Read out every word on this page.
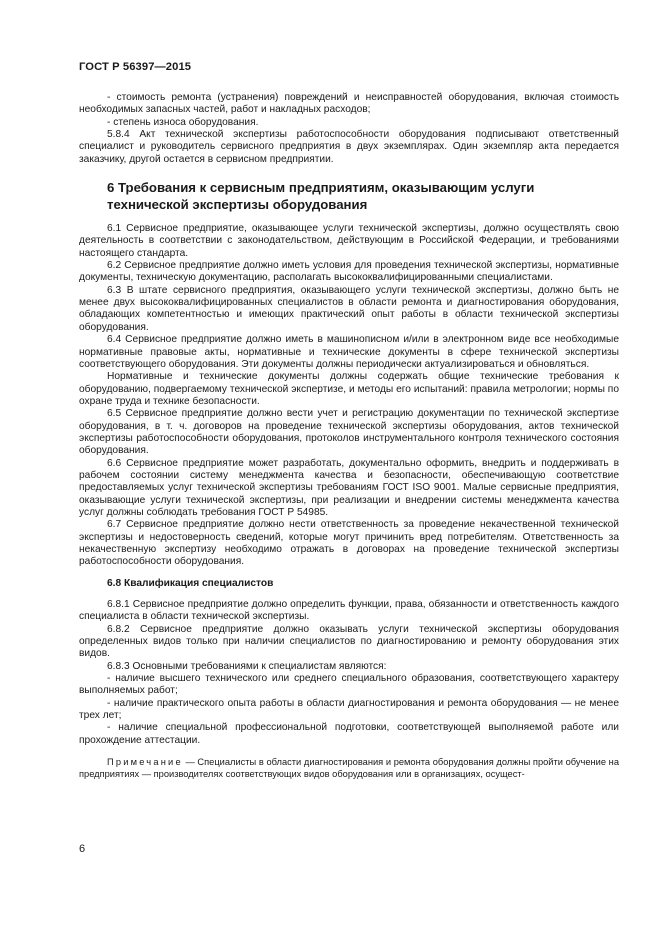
ГОСТ Р 56397—2015

- стоимость ремонта (устранения) повреждений и неисправностей оборудования, включая стоимость необходимых запасных частей, работ и накладных расходов;

- степень износа оборудования.

5.8.4 Акт технической экспертизы работоспособности оборудования подписывают ответственный специалист и руководитель сервисного предприятия в двух экземплярах. Один экземпляр акта передается заказчику, другой остается в сервисном предприятии.

6 Требования к сервисным предприятиям, оказывающим услуги технической экспертизы оборудования

6.1 Сервисное предприятие, оказывающее услуги технической экспертизы, должно осуществлять свою деятельность в соответствии с законодательством, действующим в Российской Федерации, и требованиями настоящего стандарта.

6.2 Сервисное предприятие должно иметь условия для проведения технической экспертизы, нормативные документы, техническую документацию, располагать высококвалифицированными специалистами.

6.3 В штате сервисного предприятия, оказывающего услуги технической экспертизы, должно быть не менее двух высококвалифицированных специалистов в области ремонта и диагностирования оборудования, обладающих компетентностью и имеющих практический опыт работы в области технической экспертизы оборудования.

6.4 Сервисное предприятие должно иметь в машинописном и/или в электронном виде все необходимые нормативные правовые акты, нормативные и технические документы в сфере технической экспертизы соответствующего оборудования. Эти документы должны периодически актуализироваться и обновляться.

Нормативные и технические документы должны содержать общие технические требования к оборудованию, подвергаемому технической экспертизе, и методы его испытаний: правила метрологии; нормы по охране труда и технике безопасности.

6.5 Сервисное предприятие должно вести учет и регистрацию документации по технической экспертизе оборудования, в т. ч. договоров на проведение технической экспертизы оборудования, актов технической экспертизы работоспособности оборудования, протоколов инструментального контроля технического состояния оборудования.

6.6 Сервисное предприятие может разработать, документально оформить, внедрить и поддерживать в рабочем состоянии систему менеджмента качества и безопасности, обеспечивающую соответствие предоставляемых услуг технической экспертизы требованиям ГОСТ ISO 9001. Малые сервисные предприятия, оказывающие услуги технической экспертизы, при реализации и внедрении системы менеджмента качества услуг должны соблюдать требования ГОСТ Р 54985.

6.7 Сервисное предприятие должно нести ответственность за проведение некачественной технической экспертизы и недостоверность сведений, которые могут причинить вред потребителям. Ответственность за некачественную экспертизу необходимо отражать в договорах на проведение технической экспертизы работоспособности оборудования.

6.8 Квалификация специалистов

6.8.1 Сервисное предприятие должно определить функции, права, обязанности и ответственность каждого специалиста в области технической экспертизы.

6.8.2 Сервисное предприятие должно оказывать услуги технической экспертизы оборудования определенных видов только при наличии специалистов по диагностированию и ремонту оборудования этих видов.

6.8.3 Основными требованиями к специалистам являются:

- наличие высшего технического или среднего специального образования, соответствующего характеру выполняемых работ;

- наличие практического опыта работы в области диагностирования и ремонта оборудования — не менее трех лет;

- наличие специальной профессиональной подготовки, соответствующей выполняемой работе или прохождение аттестации.

Примечание — Специалисты в области диагностирования и ремонта оборудования должны пройти обучение на предприятиях — производителях соответствующих видов оборудования или в организациях, осущест-

6
